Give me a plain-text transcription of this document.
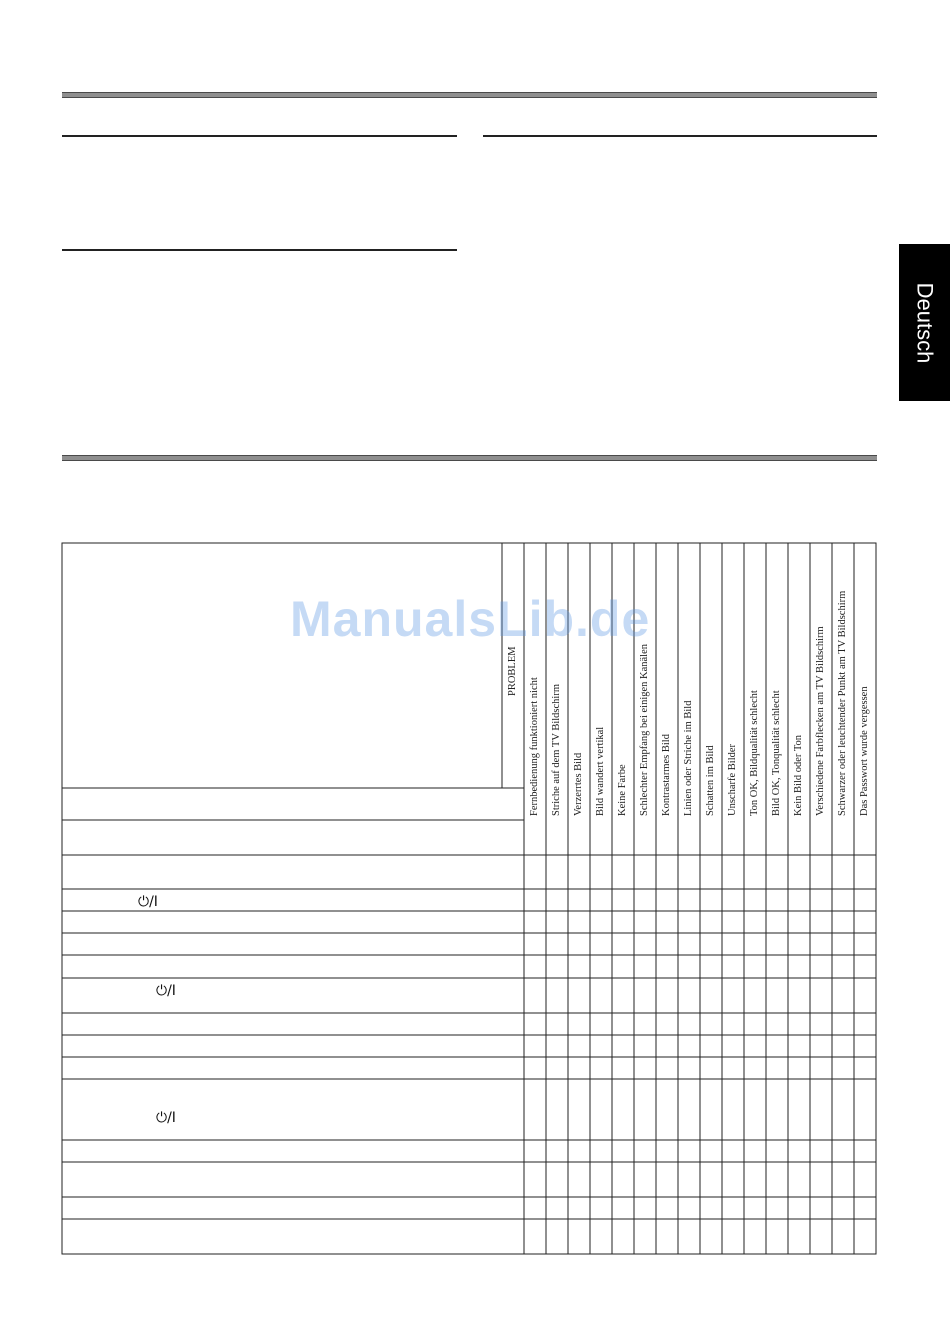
Deutsch
PROBLEM
Fernbedienung funktioniert nicht Striche auf dem TV Bildschirm Verzerrtes Bild Bild wandert vertikal Keine Farbe Schlechter Empfang bei einigen Kanälen Kontrastarmes Bild Linien oder Striche im Bild Schatten im Bild Unscharfe Bilder Ton OK, Bildqualität schlecht Bild OK, Tonqualität schlecht Kein Bild oder Ton Verschiedene Farbflecken am TV Bildschirm Schwarzer oder leuchtender Punkt am TV Bildschirm Das Passwort wurde vergessen
⏻/I
⏻/I
⏻/I
ManualsLib.de
